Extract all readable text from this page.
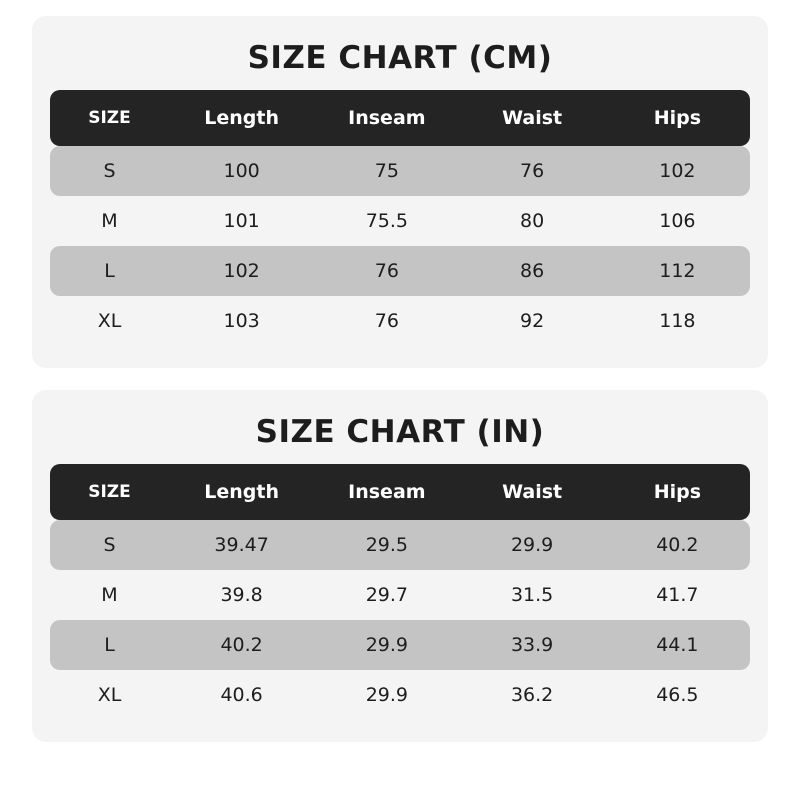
SIZE CHART (CM)
SIZE	Length	Inseam	Waist	Hips
S	100	75	76	102
M	101	75.5	80	106
L	102	76	86	112
XL	103	76	92	118
SIZE CHART (IN)
SIZE	Length	Inseam	Waist	Hips
S	39.47	29.5	29.9	40.2
M	39.8	29.7	31.5	41.7
L	40.2	29.9	33.9	44.1
XL	40.6	29.9	36.2	46.5
